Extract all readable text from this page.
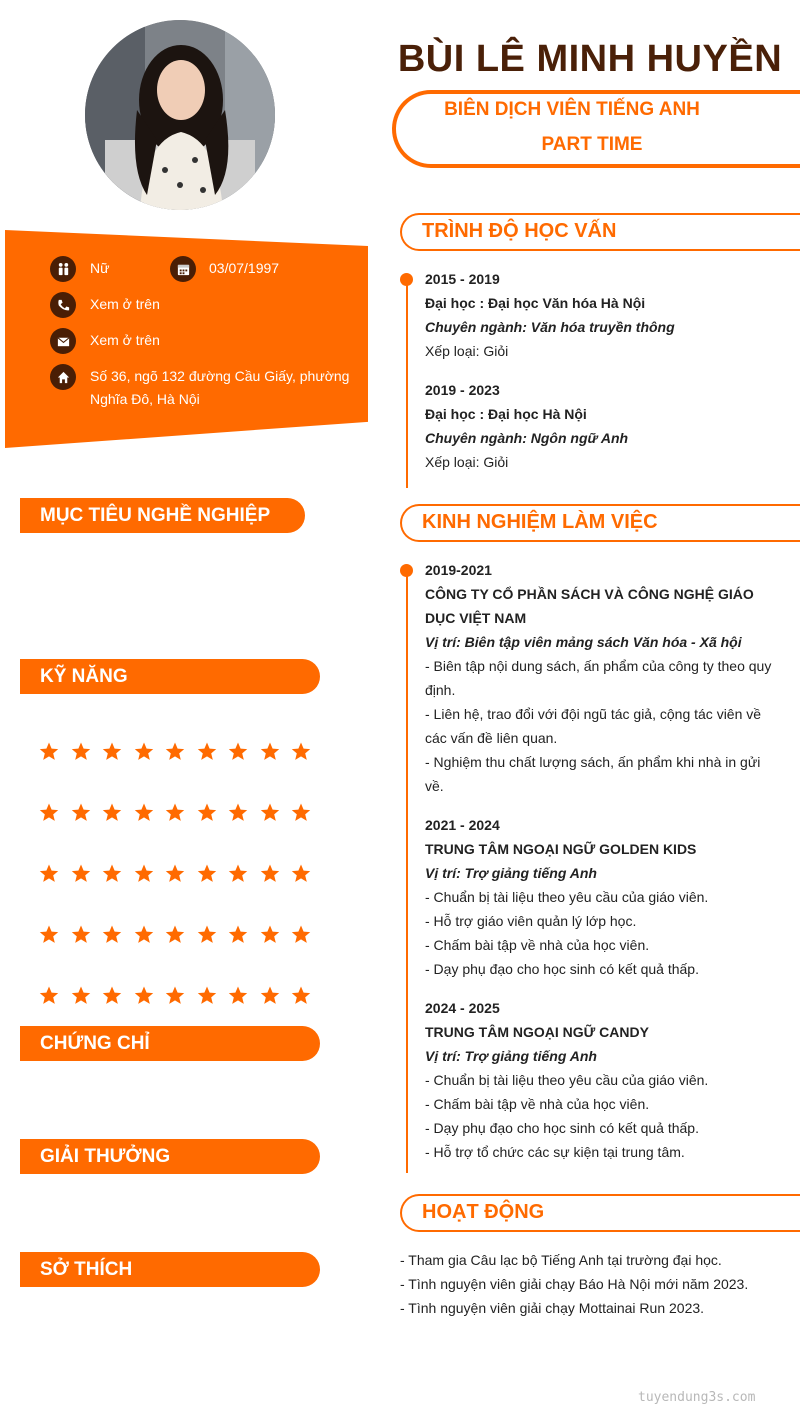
BÙI LÊ MINH HUYỀN
BIÊN DỊCH VIÊN TIẾNG ANH
PART TIME
Nữ	03/07/1997
Xem ở trên
Xem ở trên
Số 36, ngõ 132 đường Cầu Giấy, phường Nghĩa Đô, Hà Nội
MỤC TIÊU NGHỀ NGHIỆP
KỸ NĂNG
CHỨNG CHỈ
GIẢI THƯỞNG
SỞ THÍCH
TRÌNH ĐỘ HỌC VẤN
2015 - 2019
Đại học : Đại học Văn hóa Hà Nội
Chuyên ngành: Văn hóa truyền thông
Xếp loại: Giỏi
2019 - 2023
Đại học : Đại học Hà Nội
Chuyên ngành: Ngôn ngữ Anh
Xếp loại: Giỏi
KINH NGHIỆM LÀM VIỆC
2019-2021
CÔNG TY CỔ PHẦN SÁCH VÀ CÔNG NGHỆ GIÁO DỤC VIỆT NAM
Vị trí: Biên tập viên mảng sách Văn hóa - Xã hội
- Biên tập nội dung sách, ấn phẩm của công ty theo quy định.
- Liên hệ, trao đổi với đội ngũ tác giả, cộng tác viên về các vấn đề liên quan.
- Nghiệm thu chất lượng sách, ấn phẩm khi nhà in gửi về.
2021 - 2024
TRUNG TÂM NGOẠI NGỮ GOLDEN KIDS
Vị trí: Trợ giảng tiếng Anh
- Chuẩn bị tài liệu theo yêu cầu của giáo viên.
- Hỗ trợ giáo viên quản lý lớp học.
- Chấm bài tập về nhà của học viên.
- Dạy phụ đạo cho học sinh có kết quả thấp.
2024 - 2025
TRUNG TÂM NGOẠI NGỮ CANDY
Vị trí: Trợ giảng tiếng Anh
- Chuẩn bị tài liệu theo yêu cầu của giáo viên.
- Chấm bài tập về nhà của học viên.
- Dạy phụ đạo cho học sinh có kết quả thấp.
- Hỗ trợ tổ chức các sự kiện tại trung tâm.
HOẠT ĐỘNG
- Tham gia Câu lạc bộ Tiếng Anh tại trường đại học.
- Tình nguyện viên giải chạy Báo Hà Nội mới năm 2023.
- Tình nguyện viên giải chạy Mottainai Run 2023.
tuyendung3s.com
